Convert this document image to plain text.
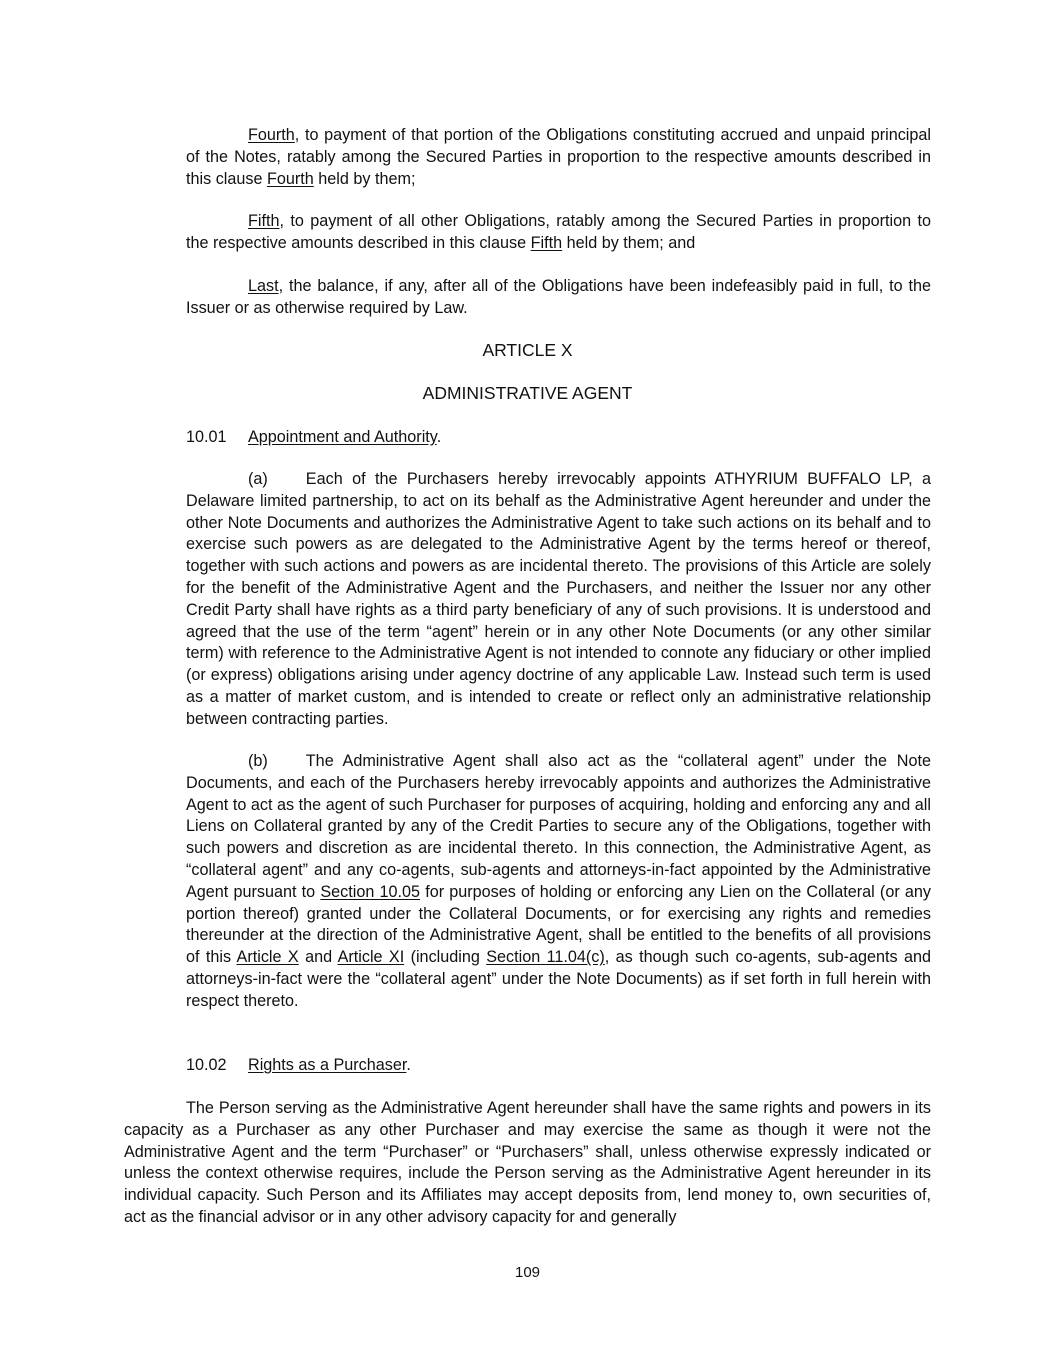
Fourth, to payment of that portion of the Obligations constituting accrued and unpaid principal of the Notes, ratably among the Secured Parties in proportion to the respective amounts described in this clause Fourth held by them;

Fifth, to payment of all other Obligations, ratably among the Secured Parties in proportion to the respective amounts described in this clause Fifth held by them; and

Last, the balance, if any, after all of the Obligations have been indefeasibly paid in full, to the Issuer or as otherwise required by Law.

ARTICLE X

ADMINISTRATIVE AGENT

10.01 Appointment and Authority.

(a) Each of the Purchasers hereby irrevocably appoints ATHYRIUM BUFFALO LP, a Delaware limited partnership, to act on its behalf as the Administrative Agent hereunder and under the other Note Documents and authorizes the Administrative Agent to take such actions on its behalf and to exercise such powers as are delegated to the Administrative Agent by the terms hereof or thereof, together with such actions and powers as are incidental thereto. The provisions of this Article are solely for the benefit of the Administrative Agent and the Purchasers, and neither the Issuer nor any other Credit Party shall have rights as a third party beneficiary of any of such provisions. It is understood and agreed that the use of the term “agent” herein or in any other Note Documents (or any other similar term) with reference to the Administrative Agent is not intended to connote any fiduciary or other implied (or express) obligations arising under agency doctrine of any applicable Law. Instead such term is used as a matter of market custom, and is intended to create or reflect only an administrative relationship between contracting parties.

(b) The Administrative Agent shall also act as the “collateral agent” under the Note Documents, and each of the Purchasers hereby irrevocably appoints and authorizes the Administrative Agent to act as the agent of such Purchaser for purposes of acquiring, holding and enforcing any and all Liens on Collateral granted by any of the Credit Parties to secure any of the Obligations, together with such powers and discretion as are incidental thereto. In this connection, the Administrative Agent, as “collateral agent” and any co-agents, sub-agents and attorneys-in-fact appointed by the Administrative Agent pursuant to Section 10.05 for purposes of holding or enforcing any Lien on the Collateral (or any portion thereof) granted under the Collateral Documents, or for exercising any rights and remedies thereunder at the direction of the Administrative Agent, shall be entitled to the benefits of all provisions of this Article X and Article XI (including Section 11.04(c), as though such co-agents, sub-agents and attorneys-in-fact were the “collateral agent” under the Note Documents) as if set forth in full herein with respect thereto.

10.02 Rights as a Purchaser.

The Person serving as the Administrative Agent hereunder shall have the same rights and powers in its capacity as a Purchaser as any other Purchaser and may exercise the same as though it were not the Administrative Agent and the term “Purchaser” or “Purchasers” shall, unless otherwise expressly indicated or unless the context otherwise requires, include the Person serving as the Administrative Agent hereunder in its individual capacity. Such Person and its Affiliates may accept deposits from, lend money to, own securities of, act as the financial advisor or in any other advisory capacity for and generally

109
